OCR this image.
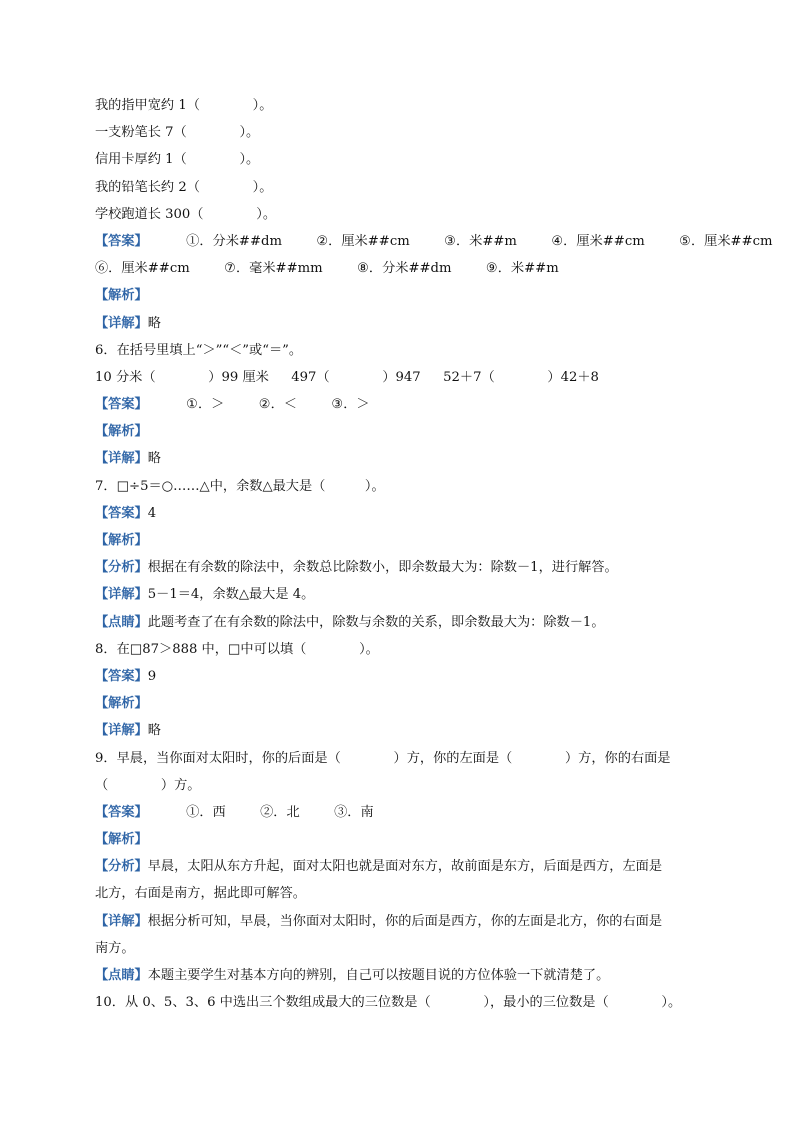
我的指甲宽约 1（　　　　）。
一支粉笔长 7（　　　　）。
信用卡厚约 1（　　　　）。
我的铅笔长约 2（　　　　）。
学校跑道长 300（　　　　）。
【答案】	①．分米##dm	②．厘米##cm	③．米##m	④．厘米##cm	⑤．厘米##cm
⑥．厘米##cm	⑦．毫米##mm	⑧．分米##dm	⑨．米##m
【解析】
【详解】略
6．在括号里填上“＞”“＜”或“＝”。
10 分米（　　　　）99 厘米 497（　　　　）947 52＋7（　　　　）42＋8
【答案】	①．＞	②．＜	③．＞
【解析】
【详解】略
7．□÷5＝○……△中，余数△最大是（　　　）。
【答案】4
【解析】
【分析】根据在有余数的除法中，余数总比除数小，即余数最大为：除数－1，进行解答。
【详解】5－1＝4，余数△最大是 4。
【点睛】此题考查了在有余数的除法中，除数与余数的关系，即余数最大为：除数－1。
8．在□87＞888 中，□中可以填（　　　　）。
【答案】9
【解析】
【详解】略
9．早晨，当你面对太阳时，你的后面是（　　　　）方，你的左面是（　　　　）方，你的右面是
（　　　　）方。
【答案】	①．西	②．北	③．南
【解析】
【分析】早晨，太阳从东方升起，面对太阳也就是面对东方，故前面是东方，后面是西方，左面是
北方，右面是南方，据此即可解答。
【详解】根据分析可知，早晨，当你面对太阳时，你的后面是西方，你的左面是北方，你的右面是
南方。
【点睛】本题主要学生对基本方向的辨别，自己可以按题目说的方位体验一下就清楚了。
10．从 0、5、3、6 中选出三个数组成最大的三位数是（　　　　），最小的三位数是（　　　　）。
